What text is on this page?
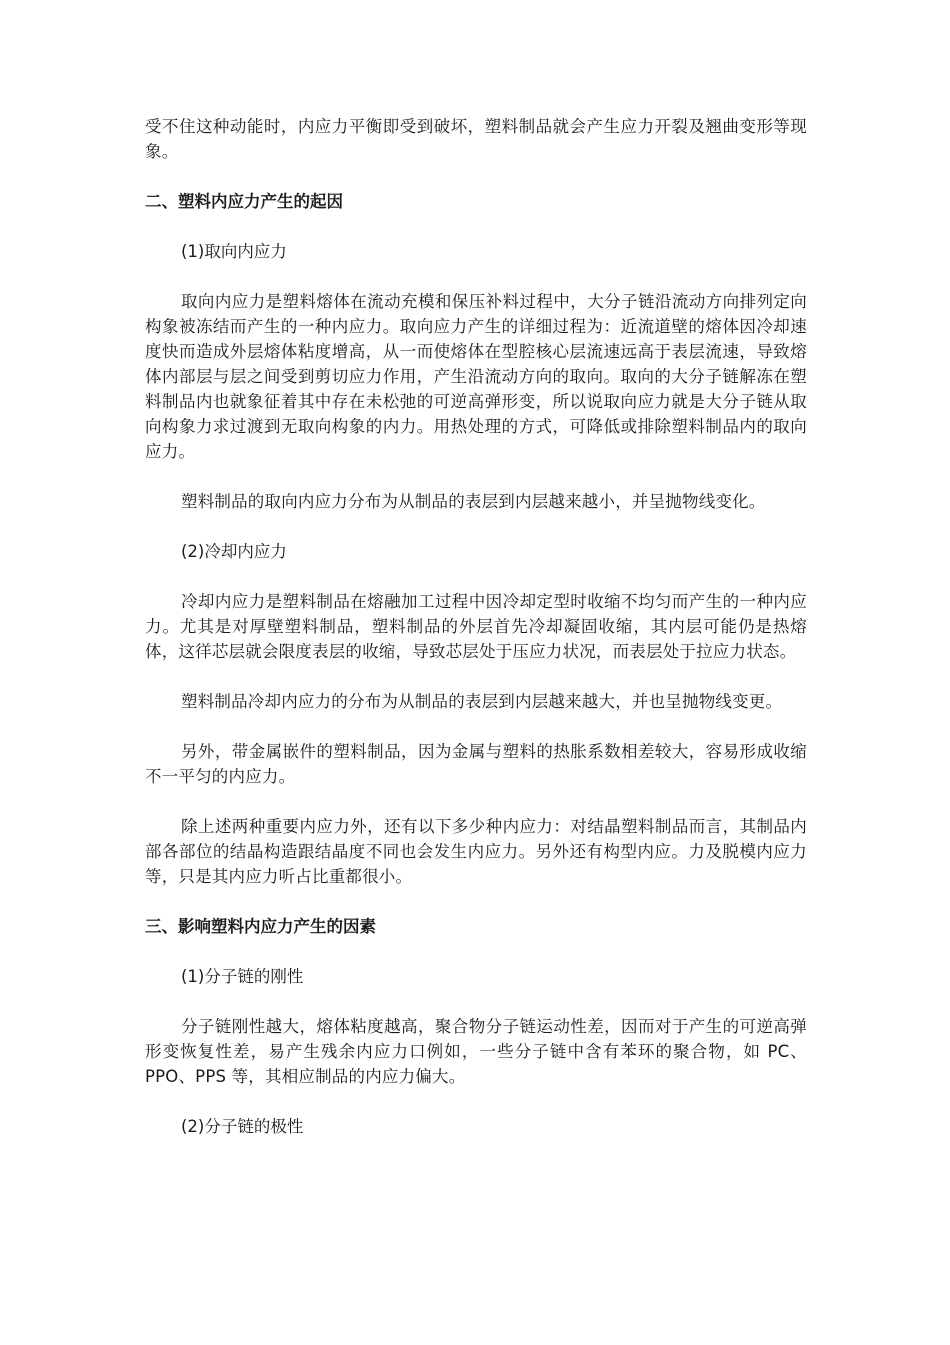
受不住这种动能时，内应力平衡即受到破坏，塑料制品就会产生应力开裂及翘曲变形等现象。

二、塑料内应力产生的起因

(1)取向内应力

取向内应力是塑料熔体在流动充模和保压补料过程中，大分子链沿流动方向排列定向构象被冻结而产生的一种内应力。取向应力产生的详细过程为：近流道壁的熔体因冷却速度快而造成外层熔体粘度增高，从一而使熔体在型腔核心层流速远高于表层流速，导致熔体内部层与层之间受到剪切应力作用，产生沿流动方向的取向。取向的大分子链解冻在塑料制品内也就象征着其中存在未松弛的可逆高弹形变，所以说取向应力就是大分子链从取向构象力求过渡到无取向构象的内力。用热处理的方式，可降低或排除塑料制品内的取向应力。

塑料制品的取向内应力分布为从制品的表层到内层越来越小，并呈抛物线变化。

(2)冷却内应力

冷却内应力是塑料制品在熔融加工过程中因冷却定型时收缩不均匀而产生的一种内应力。尤其是对厚壁塑料制品，塑料制品的外层首先冷却凝固收缩，其内层可能仍是热熔体，这徉芯层就会限度表层的收缩，导致芯层处于压应力状况，而表层处于拉应力状态。

塑料制品冷却内应力的分布为从制品的表层到内层越来越大，并也呈抛物线变更。

另外，带金属嵌件的塑料制品，因为金属与塑料的热胀系数相差较大，容易形成收缩不一平匀的内应力。

除上述两种重要内应力外，还有以下多少种内应力：对结晶塑料制品而言，其制品内部各部位的结晶构造跟结晶度不同也会发生内应力。另外还有构型内应。力及脱模内应力等，只是其内应力听占比重都很小。

三、影响塑料内应力产生的因素

(1)分子链的刚性

分子链刚性越大，熔体粘度越高，聚合物分子链运动性差，因而对于产生的可逆高弹形变恢复性差，易产生残余内应力口例如，一些分子链中含有苯环的聚合物，如 PC、PPO、PPS 等，其相应制品的内应力偏大。

(2)分子链的极性
